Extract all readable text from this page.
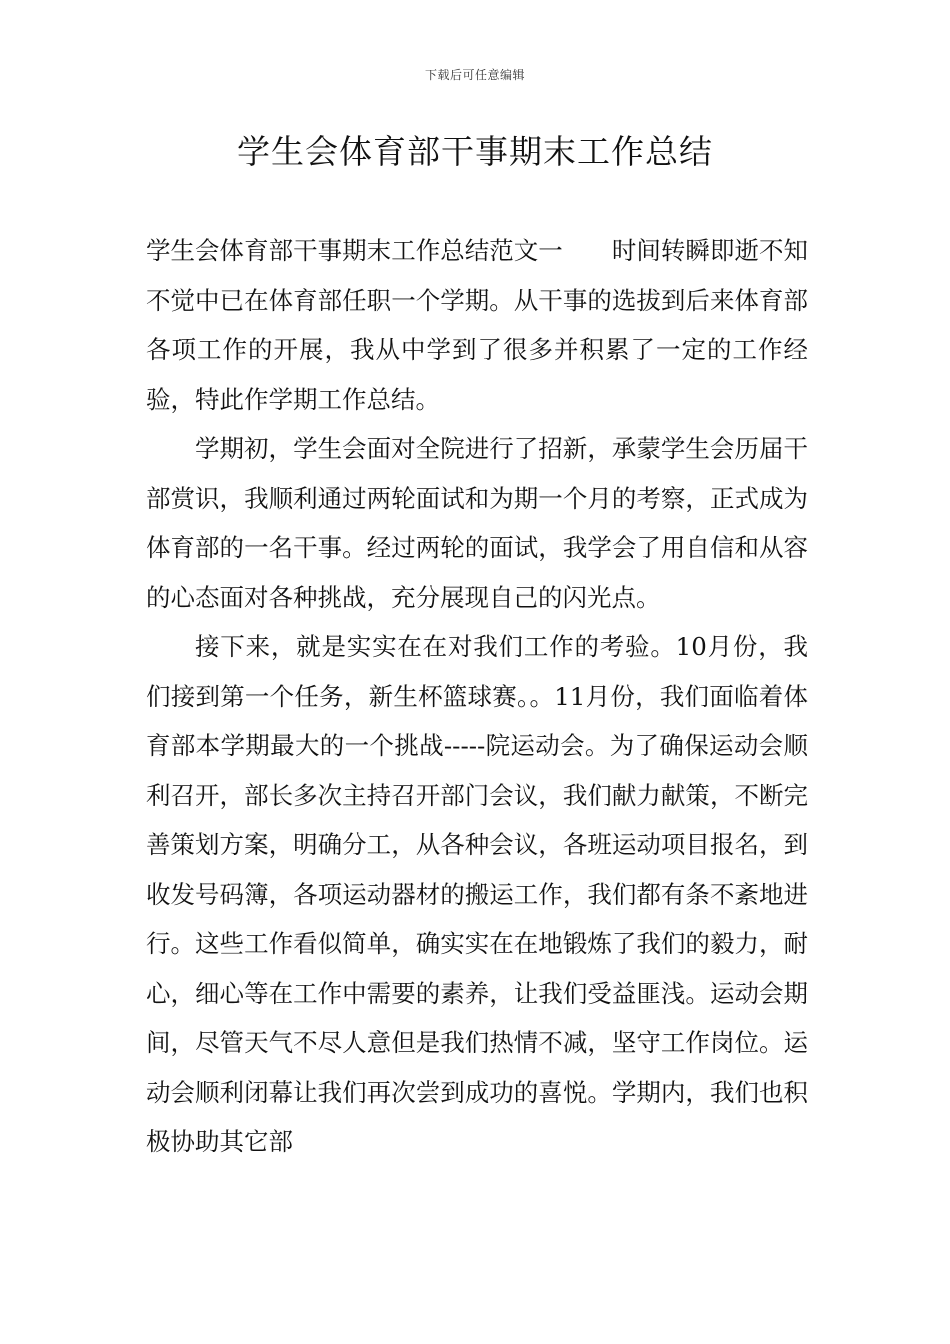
下载后可任意编辑
学生会体育部干事期末工作总结

学生会体育部干事期末工作总结范文一　　时间转瞬即逝不知不觉中已在体育部任职一个学期。从干事的选拔到后来体育部各项工作的开展，我从中学到了很多并积累了一定的工作经验，特此作学期工作总结。

学期初，学生会面对全院进行了招新，承蒙学生会历届干部赏识，我顺利通过两轮面试和为期一个月的考察，正式成为体育部的一名干事。经过两轮的面试，我学会了用自信和从容的心态面对各种挑战，充分展现自己的闪光点。

接下来，就是实实在在对我们工作的考验。10月份，我们接到第一个任务，新生杯篮球赛。。11月份，我们面临着体育部本学期最大的一个挑战-----院运动会。为了确保运动会顺利召开，部长多次主持召开部门会议，我们献力献策，不断完善策划方案，明确分工，从各种会议，各班运动项目报名，到收发号码簿，各项运动器材的搬运工作，我们都有条不紊地进行。这些工作看似简单，确实实在在地锻炼了我们的毅力，耐心，细心等在工作中需要的素养，让我们受益匪浅。运动会期间，尽管天气不尽人意但是我们热情不减，坚守工作岗位。运动会顺利闭幕让我们再次尝到成功的喜悦。学期内，我们也积极协助其它部
